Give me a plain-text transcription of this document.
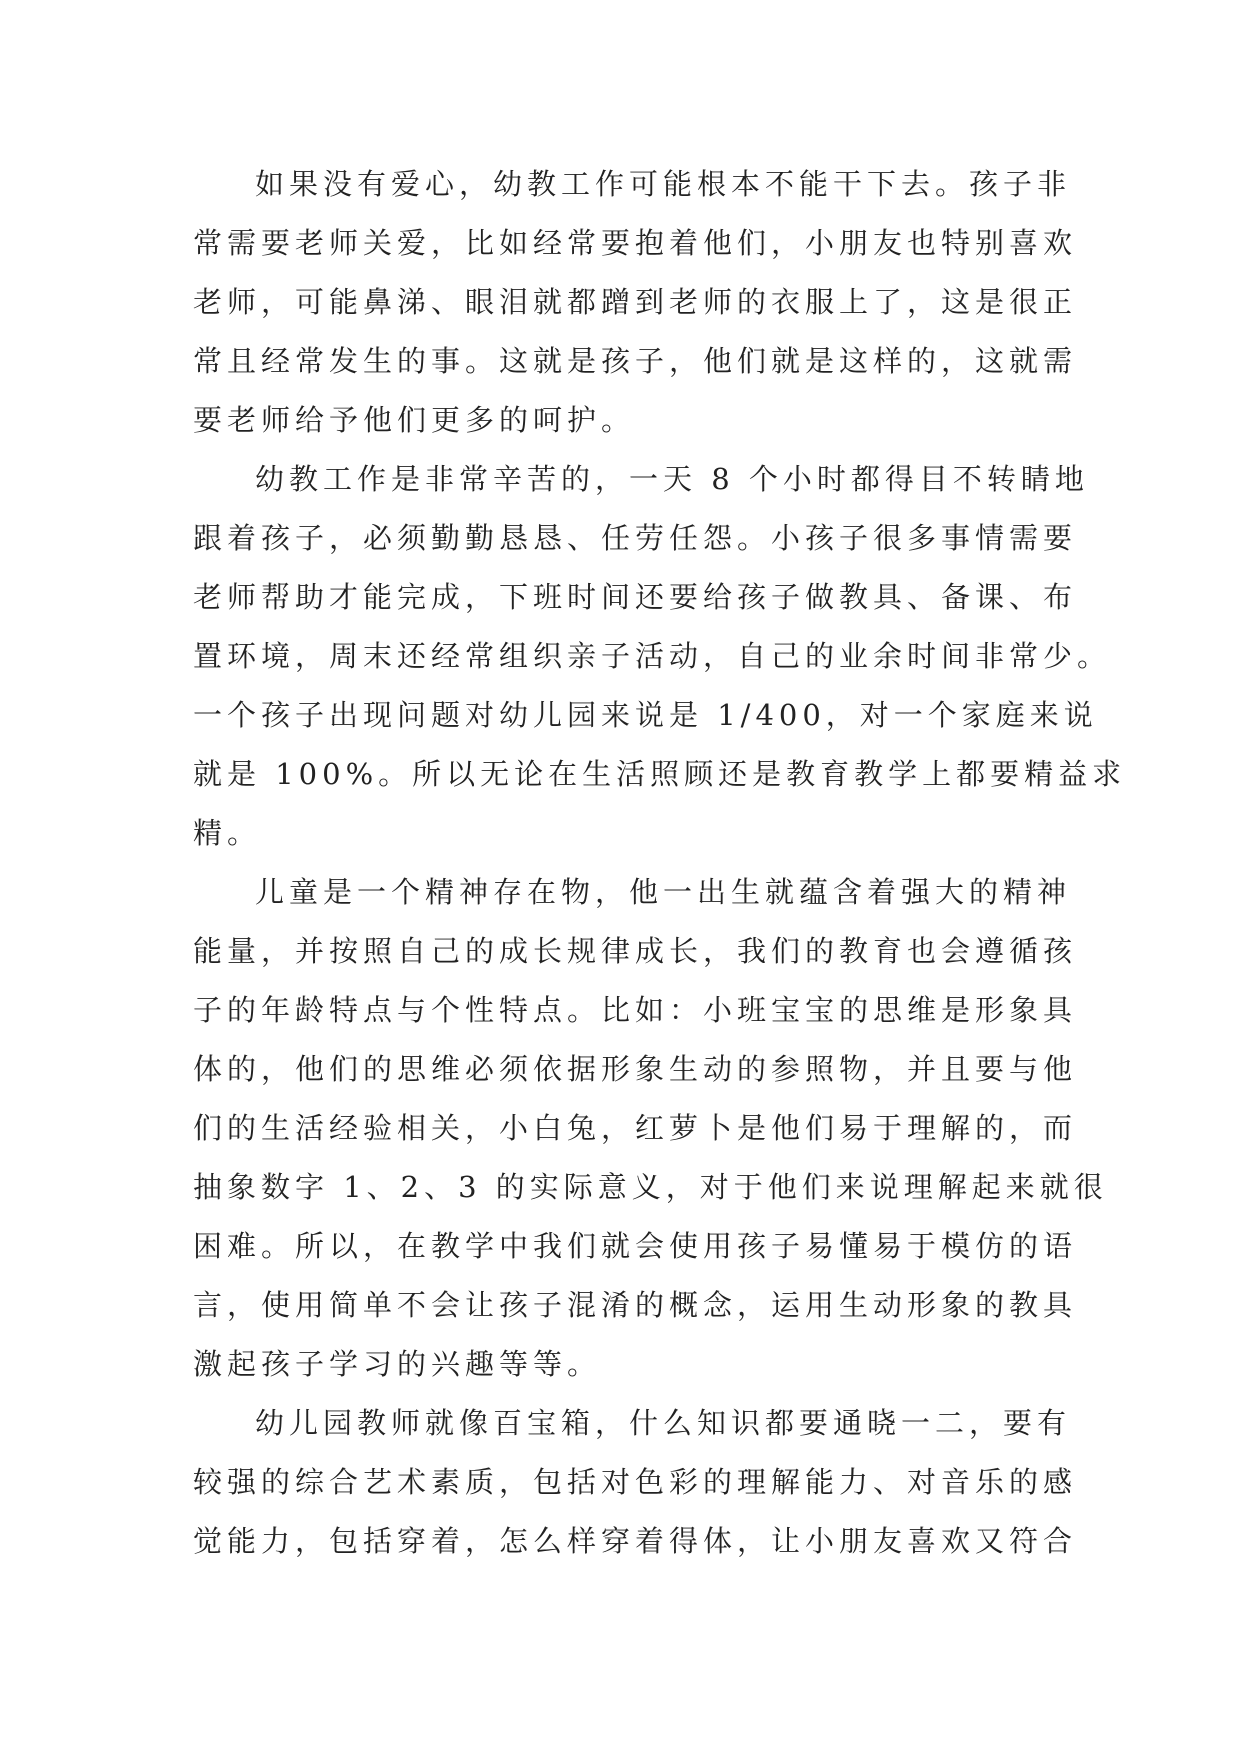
如果没有爱心，幼教工作可能根本不能干下去。孩子非
常需要老师关爱，比如经常要抱着他们，小朋友也特别喜欢
老师，可能鼻涕、眼泪就都蹭到老师的衣服上了，这是很正
常且经常发生的事。这就是孩子，他们就是这样的，这就需
要老师给予他们更多的呵护。
幼教工作是非常辛苦的，一天 8 个小时都得目不转睛地
跟着孩子，必须勤勤恳恳、任劳任怨。小孩子很多事情需要
老师帮助才能完成，下班时间还要给孩子做教具、备课、布
置环境，周末还经常组织亲子活动，自己的业余时间非常少。
一个孩子出现问题对幼儿园来说是 1/400，对一个家庭来说
就是 100%。所以无论在生活照顾还是教育教学上都要精益求
精。
儿童是一个精神存在物，他一出生就蕴含着强大的精神
能量，并按照自己的成长规律成长，我们的教育也会遵循孩
子的年龄特点与个性特点。比如：小班宝宝的思维是形象具
体的，他们的思维必须依据形象生动的参照物，并且要与他
们的生活经验相关，小白兔，红萝卜是他们易于理解的，而
抽象数字 1、2、3 的实际意义，对于他们来说理解起来就很
困难。所以，在教学中我们就会使用孩子易懂易于模仿的语
言，使用简单不会让孩子混淆的概念，运用生动形象的教具
激起孩子学习的兴趣等等。
幼儿园教师就像百宝箱，什么知识都要通晓一二，要有
较强的综合艺术素质，包括对色彩的理解能力、对音乐的感
觉能力，包括穿着，怎么样穿着得体，让小朋友喜欢又符合
